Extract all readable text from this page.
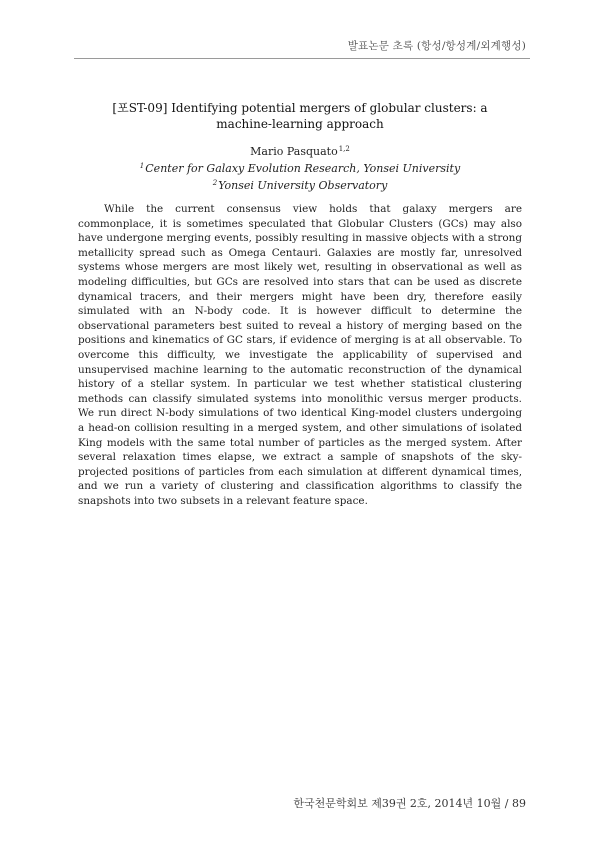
발표논문 초록 (항성/항성계/외계행성)
[포ST-09] Identifying potential mergers of globular clusters: a
machine-learning approach
Mario Pasquato$^{1,2}$
$^1$Center for Galaxy Evolution Research, Yonsei University
$^2$Yonsei University Observatory
While the current consensus view holds that galaxy mergers are commonplace, it is sometimes speculated that Globular Clusters (GCs) may also have undergone merging events, possibly resulting in massive objects with a strong metallicity spread such as Omega Centauri. Galaxies are mostly far, unresolved systems whose mergers are most likely wet, resulting in observational as well as modeling difficulties, but GCs are resolved into stars that can be used as discrete dynamical tracers, and their mergers might have been dry, therefore easily simulated with an N-body code. It is however difficult to determine the observational parameters best suited to reveal a history of merging based on the positions and kinematics of GC stars, if evidence of merging is at all observable. To overcome this difficulty, we investigate the applicability of supervised and unsupervised machine learning to the automatic reconstruction of the dynamical history of a stellar system. In particular we test whether statistical clustering methods can classify simulated systems into monolithic versus merger products. We run direct N-body simulations of two identical King-model clusters undergoing a head-on collision resulting in a merged system, and other simulations of isolated King models with the same total number of particles as the merged system. After several relaxation times elapse, we extract a sample of snapshots of the sky-projected positions of particles from each simulation at different dynamical times, and we run a variety of clustering and classification algorithms to classify the snapshots into two subsets in a relevant feature space.
한국천문학회보 제39권 2호, 2014년 10월 / 89
